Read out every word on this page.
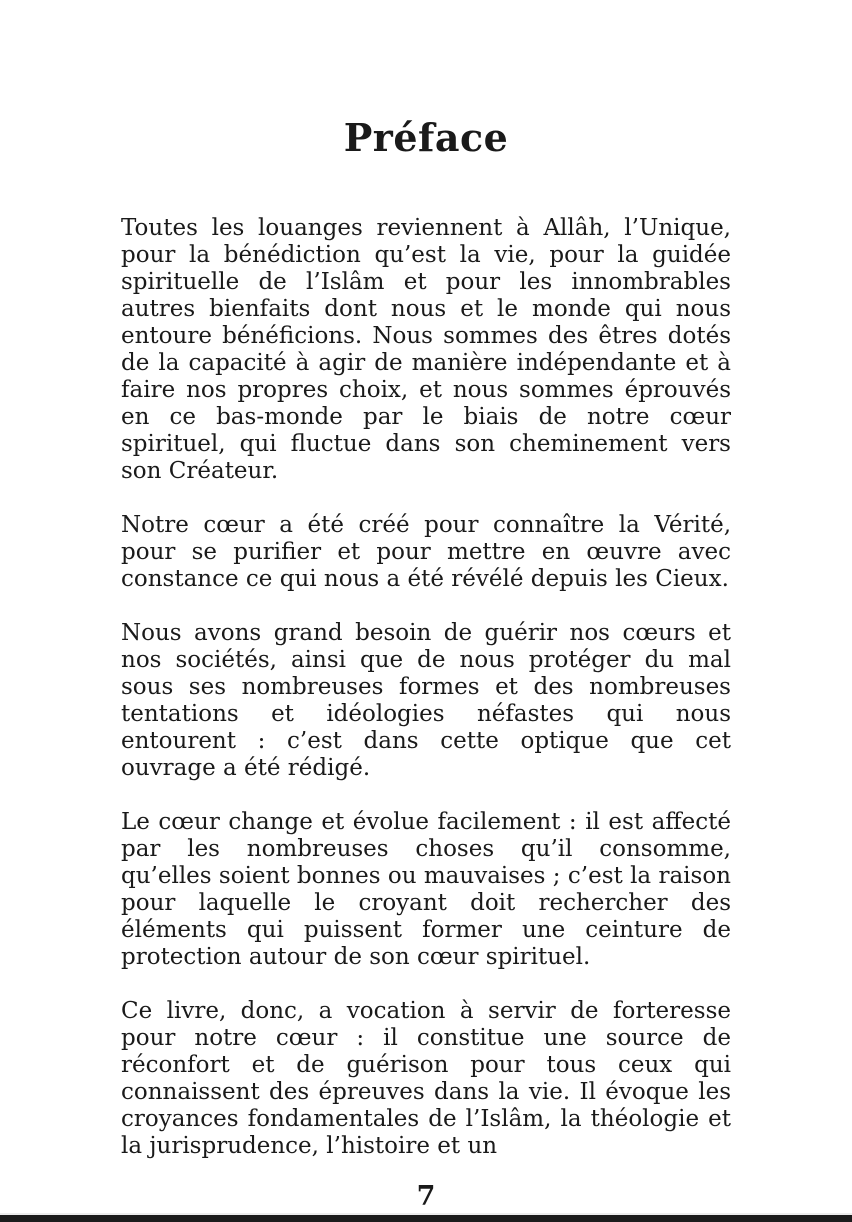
Préface

Toutes les louanges reviennent à Allâh, l’Unique, pour la bénédiction qu’est la vie, pour la guidée spirituelle de l’Islâm et pour les innombrables autres bienfaits dont nous et le monde qui nous entoure bénéficions. Nous sommes des êtres dotés de la capacité à agir de manière indépendante et à faire nos propres choix, et nous sommes éprouvés en ce bas-monde par le biais de notre cœur spirituel, qui fluctue dans son cheminement vers son Créateur.

Notre cœur a été créé pour connaître la Vérité, pour se purifier et pour mettre en œuvre avec constance ce qui nous a été révélé depuis les Cieux.

Nous avons grand besoin de guérir nos cœurs et nos sociétés, ainsi que de nous protéger du mal sous ses nombreuses formes et des nombreuses tentations et idéologies néfastes qui nous entourent : c’est dans cette optique que cet ouvrage a été rédigé.

Le cœur change et évolue facilement : il est affecté par les nombreuses choses qu’il consomme, qu’elles soient bonnes ou mauvaises ; c’est la raison pour laquelle le croyant doit rechercher des éléments qui puissent former une ceinture de protection autour de son cœur spirituel.

Ce livre, donc, a vocation à servir de forteresse pour notre cœur : il constitue une source de réconfort et de guérison pour tous ceux qui connaissent des épreuves dans la vie. Il évoque les croyances fondamentales de l’Islâm, la théologie et la jurisprudence, l’histoire et un

7
